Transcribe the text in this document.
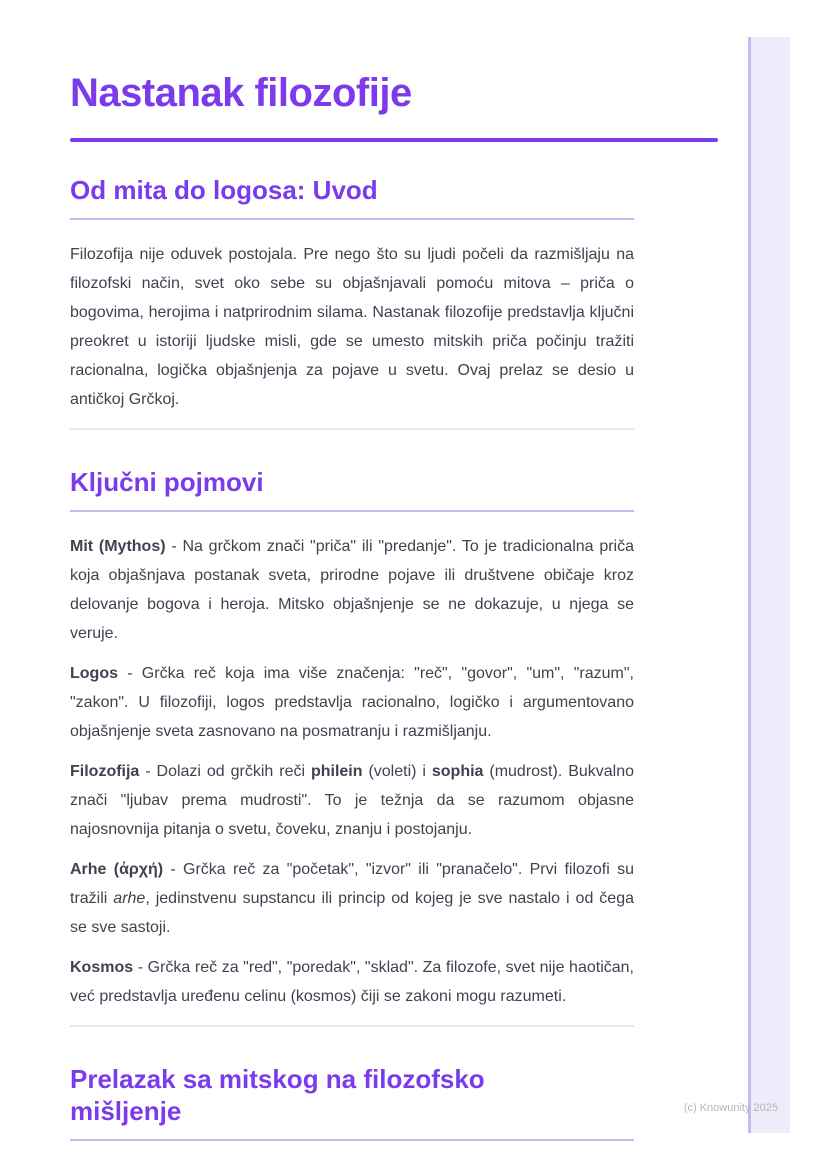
Nastanak filozofije
Od mita do logosa: Uvod

Filozofija nije oduvek postojala. Pre nego što su ljudi počeli da razmišljaju na filozofski način, svet oko sebe su objašnjavali pomoću mitova – priča o bogovima, herojima i natprirodnim silama. Nastanak filozofije predstavlja ključni preokret u istoriji ljudske misli, gde se umesto mitskih priča počinju tražiti racionalna, logička objašnjenja za pojave u svetu. Ovaj prelaz se desio u antičkoj Grčkoj.

Ključni pojmovi

Mit (Mythos) - Na grčkom znači "priča" ili "predanje". To je tradicionalna priča koja objašnjava postanak sveta, prirodne pojave ili društvene običaje kroz delovanje bogova i heroja. Mitsko objašnjenje se ne dokazuje, u njega se veruje.

Logos - Grčka reč koja ima više značenja: "reč", "govor", "um", "razum", "zakon". U filozofiji, logos predstavlja racionalno, logičko i argumentovano objašnjenje sveta zasnovano na posmatranju i razmišljanju.

Filozofija - Dolazi od grčkih reči philein (voleti) i sophia (mudrost). Bukvalno znači "ljubav prema mudrosti". To je težnja da se razumom objasne najosnovnija pitanja o svetu, čoveku, znanju i postojanju.

Arhe (ἀρχή) - Grčka reč za "početak", "izvor" ili "pranačelo". Prvi filozofi su tražili arhe, jedinstvenu supstancu ili princip od kojeg je sve nastalo i od čega se sve sastoji.

Kosmos - Grčka reč za "red", "poredak", "sklad". Za filozofe, svet nije haotičan, već predstavlja uređenu celinu (kosmos) čiji se zakoni mogu razumeti.

Prelazak sa mitskog na filozofsko mišljenje	(c) Knowunity 2025
